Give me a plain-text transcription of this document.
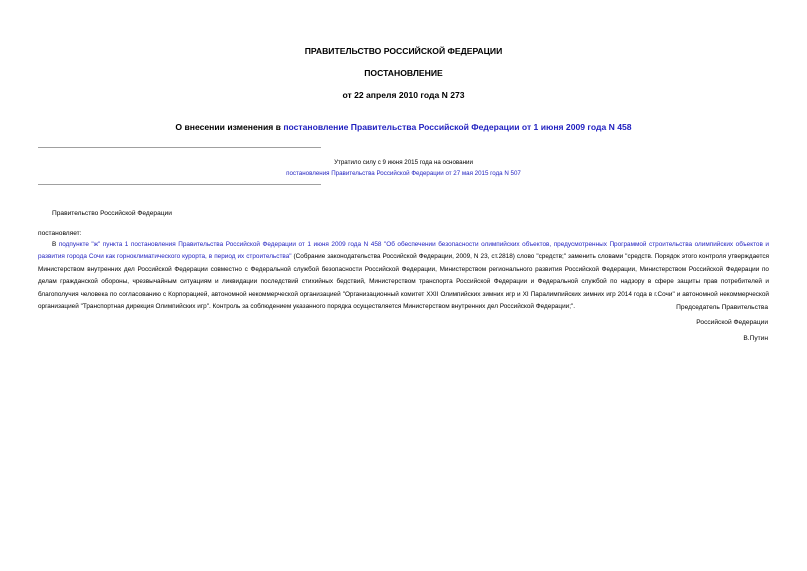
ПРАВИТЕЛЬСТВО РОССИЙСКОЙ ФЕДЕРАЦИИ
ПОСТАНОВЛЕНИЕ
от 22 апреля 2010 года N 273
О внесении изменения в постановление Правительства Российской Федерации от 1 июня 2009 года N 458
Утратило силу с 9 июня 2015 года на основании
постановления Правительства Российской Федерации от 27 мая 2015 года N 507
Правительство Российской Федерации
постановляет:
В подпункте "ж" пункта 1 постановления Правительства Российской Федерации от 1 июня 2009 года N 458 "Об обеспечении безопасности олимпийских объектов, предусмотренных Программой строительства олимпийских объектов и развития города Сочи как горноклиматического курорта, в период их строительства" (Собрание законодательства Российской Федерации, 2009, N 23, ст.2818) слово "средств;" заменить словами "средств. Порядок этого контроля утверждается Министерством внутренних дел Российской Федерации совместно с Федеральной службой безопасности Российской Федерации, Министерством регионального развития Российской Федерации, Министерством Российской Федерации по делам гражданской обороны, чрезвычайным ситуациям и ликвидации последствий стихийных бедствий, Министерством транспорта Российской Федерации и Федеральной службой по надзору в сфере защиты прав потребителей и благополучия человека по согласованию с Корпорацией, автономной некоммерческой организацией "Организационный комитет XXII Олимпийских зимних игр и XI Паралимпийских зимних игр 2014 года в г.Сочи" и автономной некоммерческой организацией "Транспортная дирекция Олимпийских игр". Контроль за соблюдением указанного порядка осуществляется Министерством внутренних дел Российской Федерации;".	Председатель Правительства
Российской Федерации
В.Путин
